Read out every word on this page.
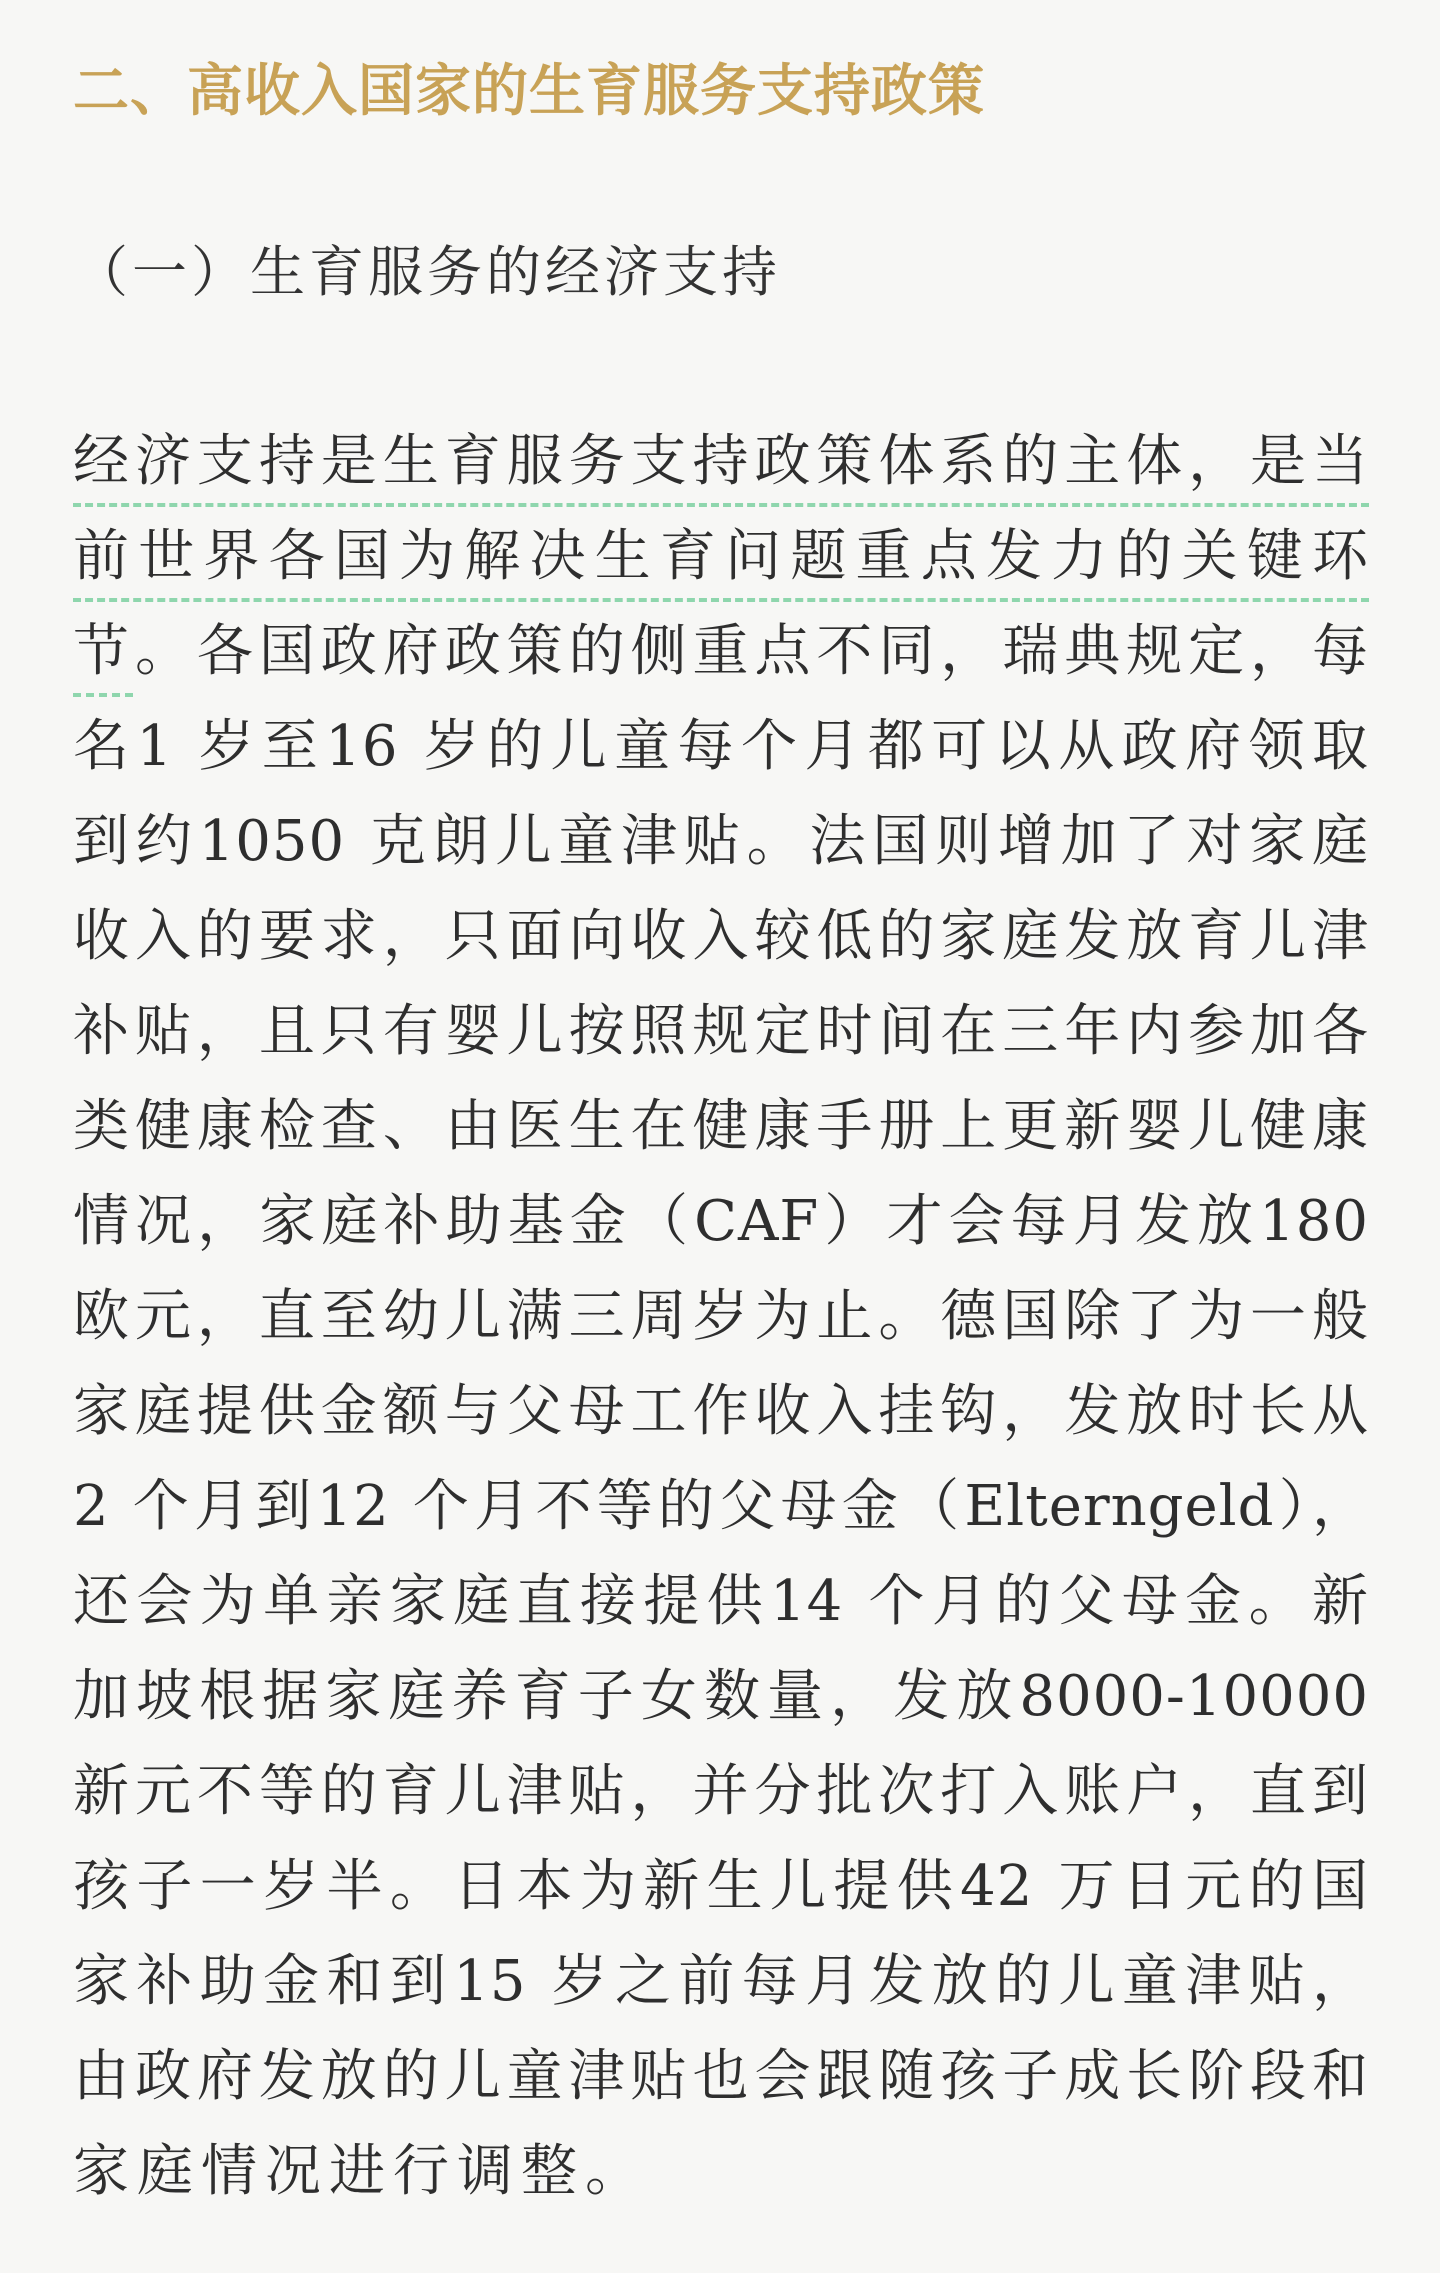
二、高收入国家的生育服务支持政策
（一）生育服务的经济支持
经济支持是生育服务支持政策体系的主体，是当
前世界各国为解决生育问题重点发力的关键环
节。各国政府政策的侧重点不同，瑞典规定，每
名1 岁至16 岁的儿童每个月都可以从政府领取
到约1050 克朗儿童津贴。法国则增加了对家庭
收入的要求，只面向收入较低的家庭发放育儿津
补贴，且只有婴儿按照规定时间在三年内参加各
类健康检查、由医生在健康手册上更新婴儿健康
情况，家庭补助基金（CAF）才会每月发放180
欧元，直至幼儿满三周岁为止。德国除了为一般
家庭提供金额与父母工作收入挂钩，发放时长从
2 个月到12 个月不等的父母金（Elterngeld），
还会为单亲家庭直接提供14 个月的父母金。新
加坡根据家庭养育子女数量，发放8000-10000
新元不等的育儿津贴，并分批次打入账户，直到
孩子一岁半。日本为新生儿提供42 万日元的国
家补助金和到15 岁之前每月发放的儿童津贴，
由政府发放的儿童津贴也会跟随孩子成长阶段和
家庭情况进行调整。
